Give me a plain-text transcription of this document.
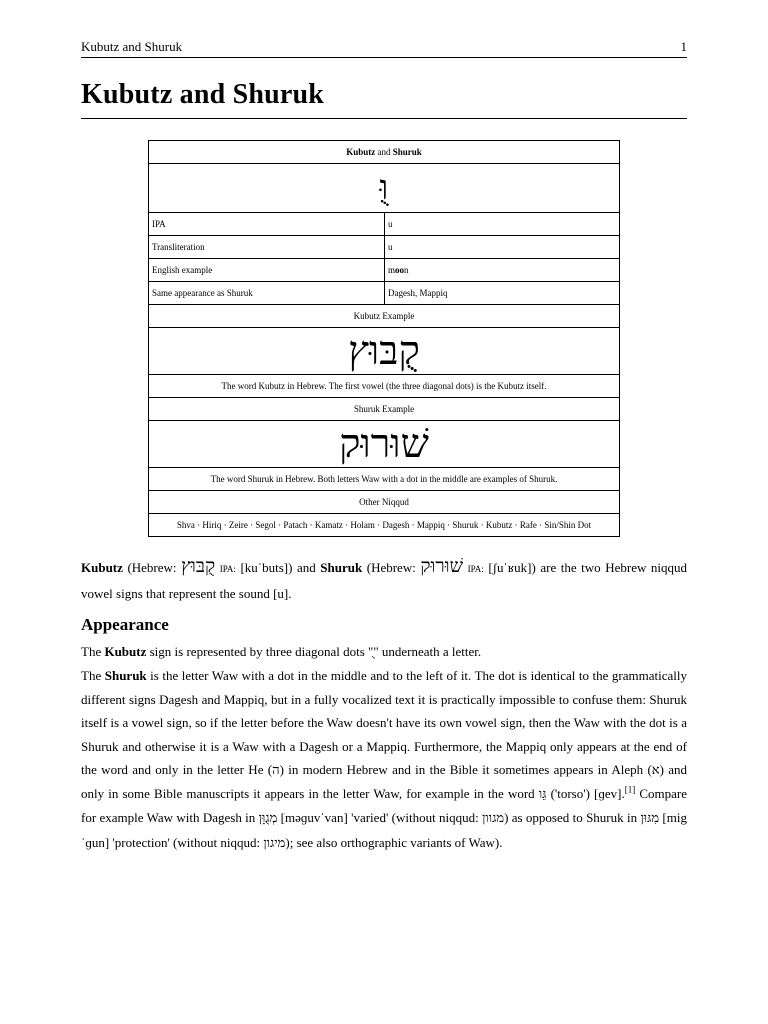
Kubutz and Shuruk	1
Kubutz and Shuruk
Kubutz and Shuruk	
וֻּ	
IPA	u
Transliteration	u
English example	moon
Same appearance as Shuruk	Dagesh, Mappiq
Kubutz Example	
קֻבּוּץ	
The word Kubutz in Hebrew. The first vowel (the three diagonal dots) is the Kubutz itself.	
Shuruk Example	
שׁוּרוּק	
The word Shuruk in Hebrew. Both letters Waw with a dot in the middle are examples of Shuruk.	
Other Niqqud	
Shva · Hiriq · Zeire · Segol · Patach · Kamatz · Holam · Dagesh · Mappiq · Shuruk · Kubutz · Rafe · Sin/Shin Dot	

Kubutz (Hebrew: קֻבּוּץ IPA: [kuˈbuts]) and Shuruk (Hebrew: שׁוּרוּק IPA: [ʃuˈʁuk]) are the two Hebrew niqqud vowel signs that represent the sound [u].

Appearance

The Kubutz sign is represented by three diagonal dots "ֻ" underneath a letter.

The Shuruk is the letter Waw with a dot in the middle and to the left of it. The dot is identical to the grammatically different signs Dagesh and Mappiq, but in a fully vocalized text it is practically impossible to confuse them: Shuruk itself is a vowel sign, so if the letter before the Waw doesn't have its own vowel sign, then the Waw with the dot is a Shuruk and otherwise it is a Waw with a Dagesh or a Mappiq. Furthermore, the Mappiq only appears at the end of the word and only in the letter He (ה) in modern Hebrew and in the Bible it sometimes appears in Aleph (א) and only in some Bible manuscripts it appears in the letter Waw, for example in the word גֵּו ('torso') [ɡev].[1] Compare for example Waw with Dagesh in מְגֻוָּן [məɡuvˈvan] 'varied' (without niqqud: מגוון) as opposed to Shuruk in מִגּוּן [migˈɡun] 'protection' (without niqqud: מיגון); see also orthographic variants of Waw).
